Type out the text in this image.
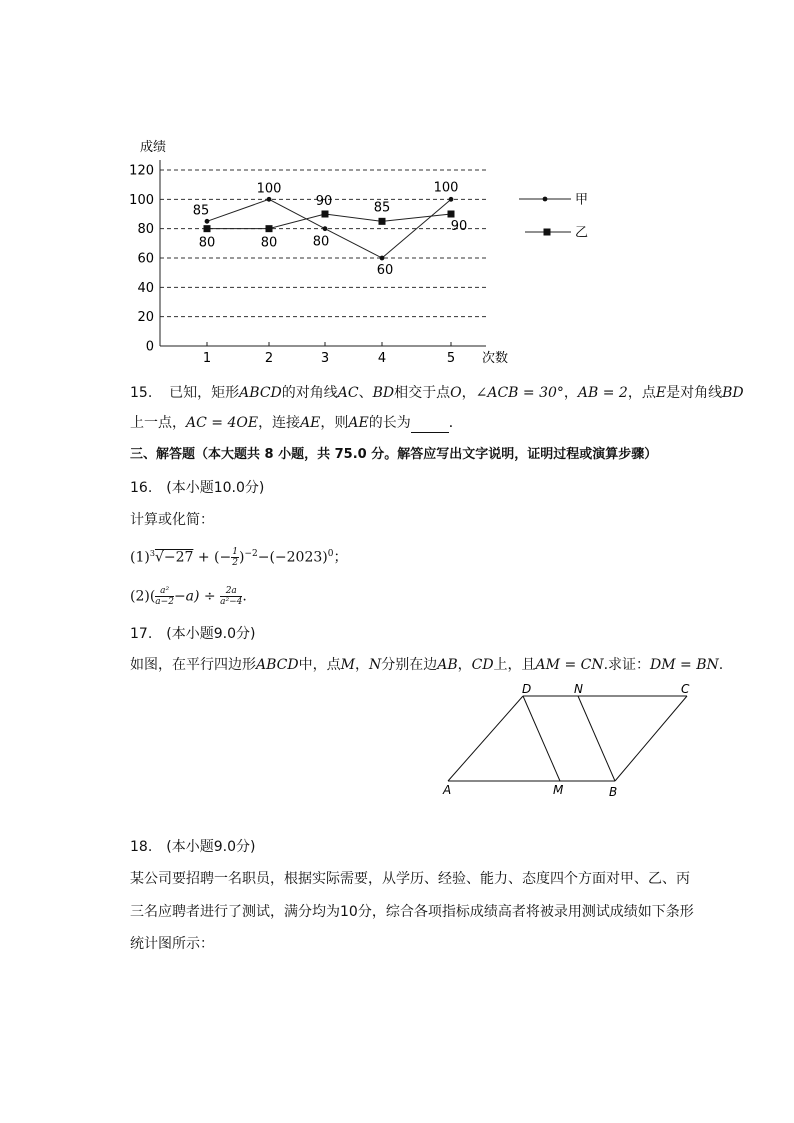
成绩
次数
0
20
40
60
80
100
120
1	2	3	4	5
85
100
80
60
100
80	80
90	85
90
甲
乙
15. 已知，矩形ABCD的对角线AC、BD相交于点O，∠ACB = 30°，AB = 2，点E是对角线BD
上一点，AC = 4OE，连接AE，则AE的长为	．
三、解答题（本大题共 8 小题，共 75.0 分。解答应写出文字说明，证明过程或演算步骤）
16.　(本小题10.0分)
计算或化简：
$(1)^3√-27$ + (− $\frac{1}{2} )^{-2}-(-2023)^0$；
$(2)( \frac{\text{a²}}{a-2} -a) \div \frac{2a}{\text{a²−4}}$ .
17.　(本小题9.0分)
如图，在平行四边形ABCD中，点M，N分别在边AB，CD上，且AM = CN.求证：DM = BN.
D	N	C
A	M	B
18.　(本小题9.0分)
某公司要招聘一名职员，根据实际需要，从学历、经验、能力、态度四个方面对甲、乙、丙
三名应聘者进行了测试，满分均为10分，综合各项指标成绩高者将被录用测试成绩如下条形
统计图所示：
